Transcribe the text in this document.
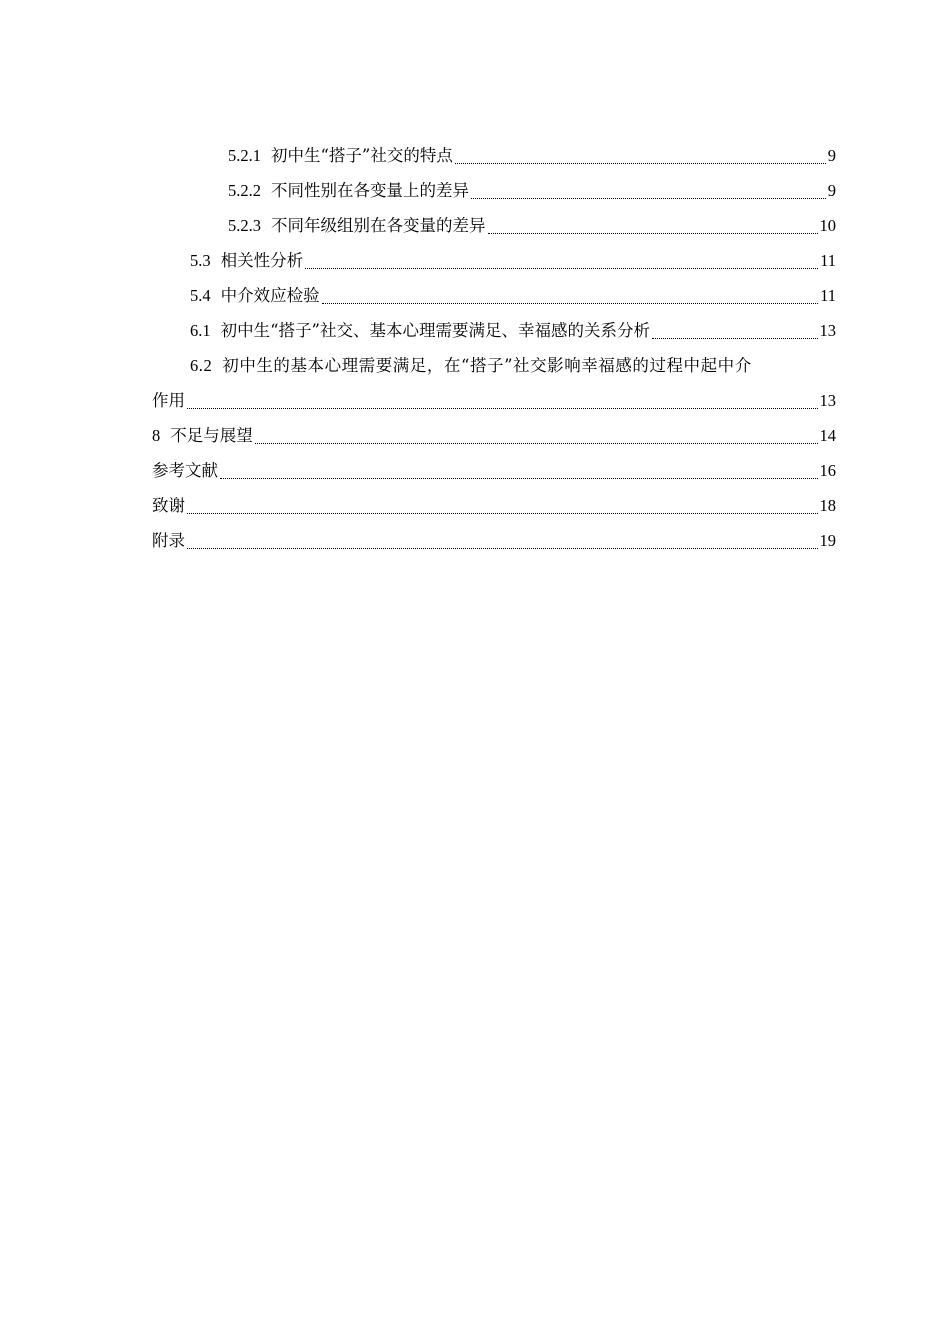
5.2.1 初中生“搭子”社交的特点	9
5.2.2 不同性别在各变量上的差异	9
5.2.3 不同年级组别在各变量的差异	10
5.3 相关性分析	11
5.4 中介效应检验	11
6.1 初中生“搭子”社交、基本心理需要满足、幸福感的关系分析	13
6.2 初中生的基本心理需要满足，在“搭子”社交影响幸福感的过程中起中介
作用	13
8 不足与展望	14
参考文献	16
致谢	18
附录	19
